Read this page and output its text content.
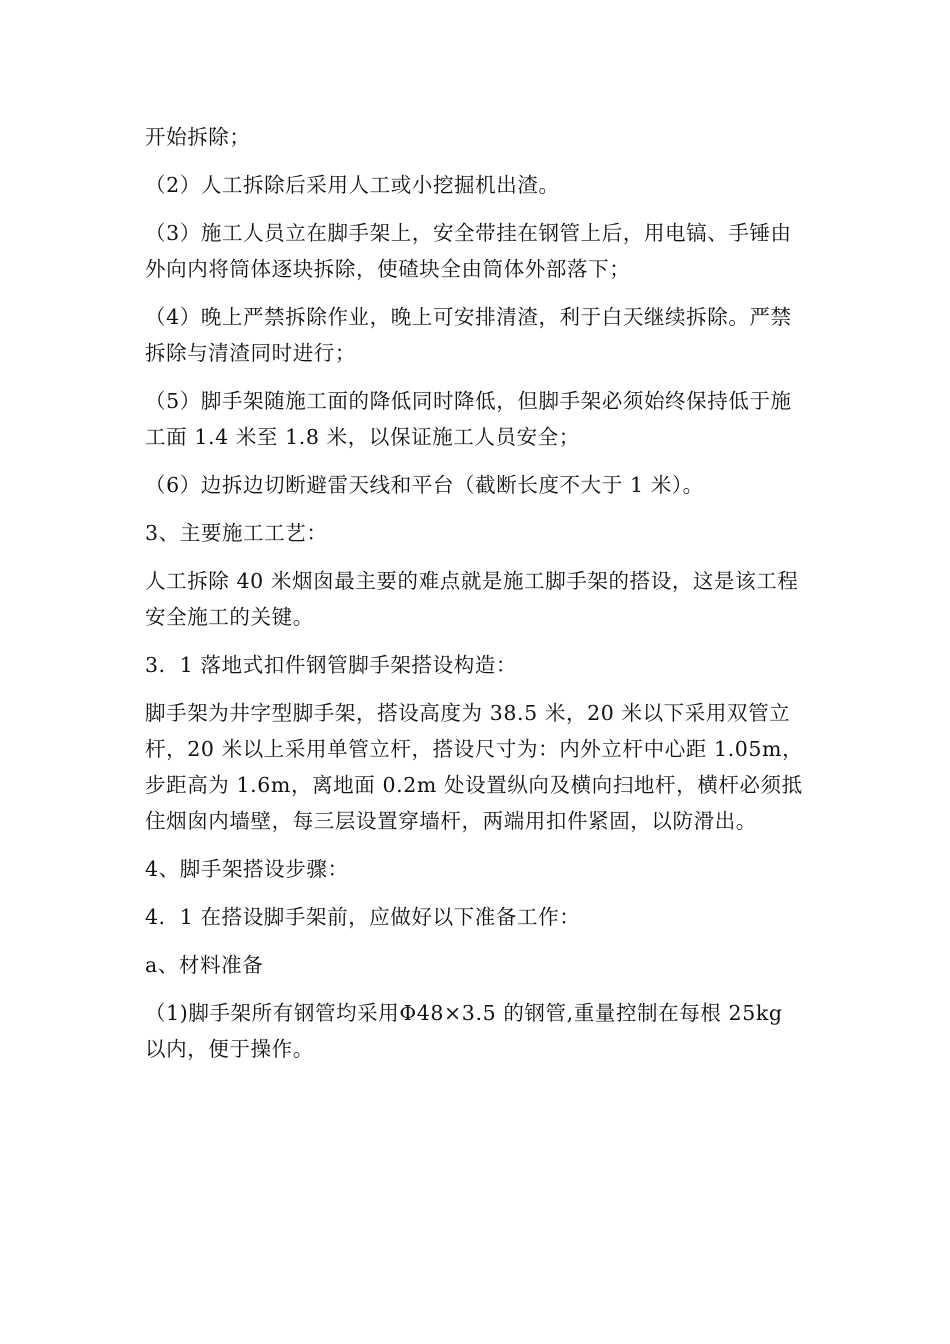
开始拆除；

（2）人工拆除后采用人工或小挖掘机出渣。

（3）施工人员立在脚手架上，安全带挂在钢管上后，用电镐、手锤由外向内将筒体逐块拆除，使碴块全由筒体外部落下；

（4）晚上严禁拆除作业，晚上可安排清渣，利于白天继续拆除。严禁拆除与清渣同时进行；

（5）脚手架随施工面的降低同时降低，但脚手架必须始终保持低于施工面 1.4 米至 1.8 米，以保证施工人员安全；

（6）边拆边切断避雷天线和平台（截断长度不大于 1 米）。

3、主要施工工艺：

人工拆除 40 米烟囱最主要的难点就是施工脚手架的搭设，这是该工程安全施工的关键。

3．1 落地式扣件钢管脚手架搭设构造：

脚手架为井字型脚手架，搭设高度为 38.5 米，20 米以下采用双管立杆，20 米以上采用单管立杆，搭设尺寸为：内外立杆中心距 1.05m，步距高为 1.6m，离地面 0.2m 处设置纵向及横向扫地杆，横杆必须抵住烟囱内墙壁，每三层设置穿墙杆，两端用扣件紧固，以防滑出。

4、脚手架搭设步骤：

4．1 在搭设脚手架前，应做好以下准备工作：

a、材料准备

（1)脚手架所有钢管均采用Φ48×3.5 的钢管,重量控制在每根 25kg 以内，便于操作。
